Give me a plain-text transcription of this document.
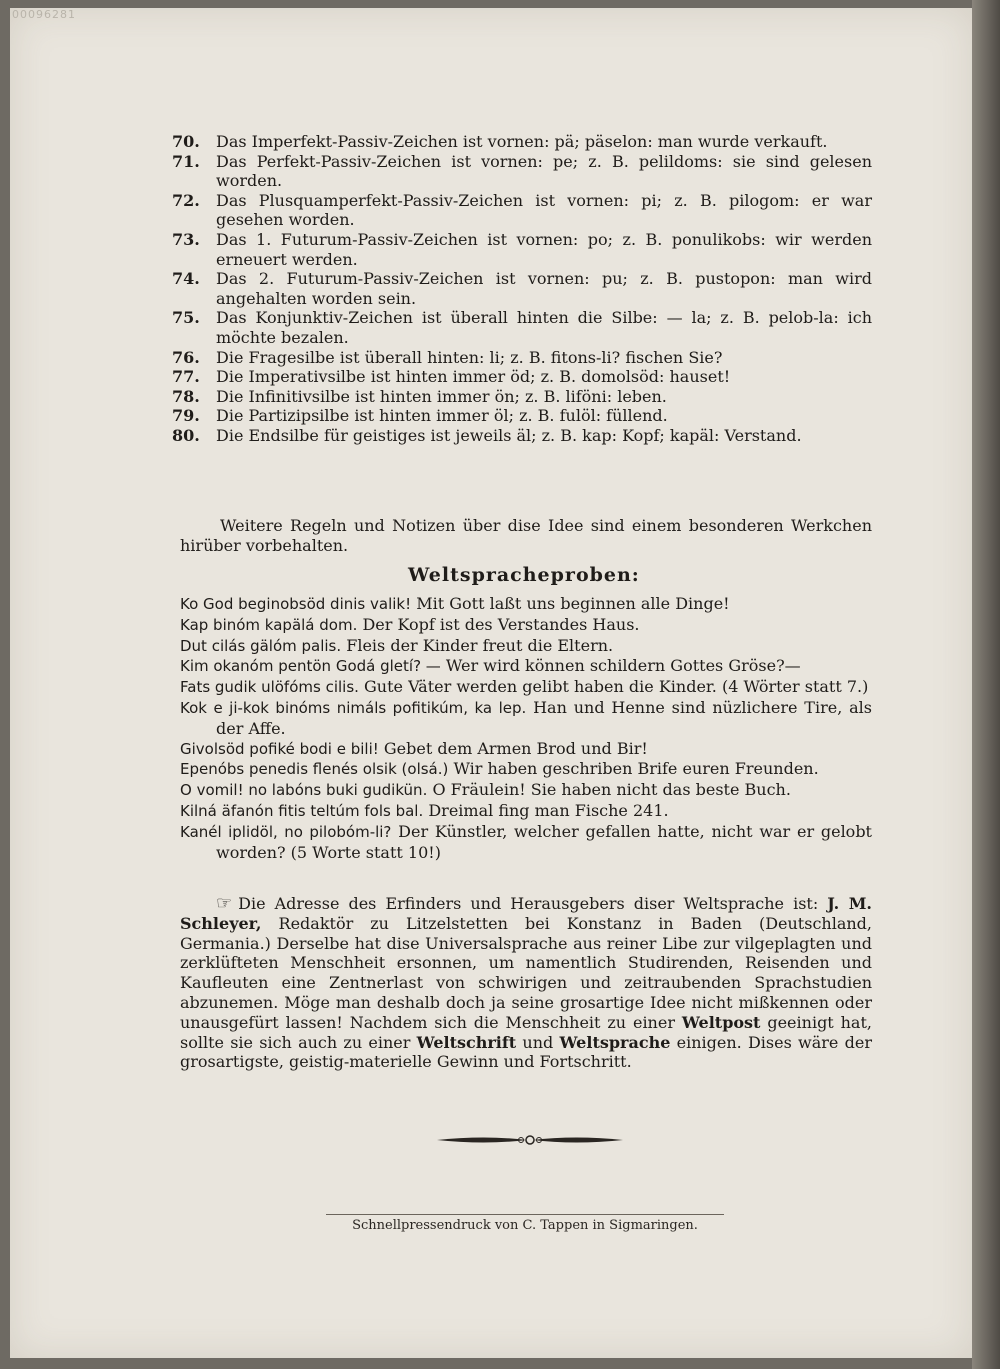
00096281
70.	Das Imperfekt-Passiv-Zeichen ist vornen: pä; päselon: man wurde verkauft.
71.	Das Perfekt-Passiv-Zeichen ist vornen: pe; z. B. pelildoms: sie sind gelesen worden.
72.	Das Plusquamperfekt-Passiv-Zeichen ist vornen: pi; z. B. pilogom: er war gesehen worden.
73.	Das 1. Futurum-Passiv-Zeichen ist vornen: po; z. B. ponulikobs: wir werden erneuert werden.
74.	Das 2. Futurum-Passiv-Zeichen ist vornen: pu; z. B. pustopon: man wird angehalten worden sein.
75.	Das Konjunktiv-Zeichen ist überall hinten die Silbe: — la; z. B. pelob-la: ich möchte bezalen.
76.	Die Fragesilbe ist überall hinten: li; z. B. fitons-li? fischen Sie?
77.	Die Imperativsilbe ist hinten immer öd; z. B. domolsöd: hauset!
78.	Die Infinitivsilbe ist hinten immer ön; z. B. liföni: leben.
79.	Die Partizipsilbe ist hinten immer öl; z. B. fulöl: füllend.
80.	Die Endsilbe für geistiges ist jeweils äl; z. B. kap: Kopf; kapäl: Verstand.
Weitere Regeln und Notizen über dise Idee sind einem besonderen Werkchen hirüber vorbehalten.
Weltspracheproben:
Ko God beginobsöd dinis valik! Mit Gott laßt uns beginnen alle Dinge!
Kap binóm kapälá dom. Der Kopf ist des Verstandes Haus.
Dut cilás gälóm palis. Fleis der Kinder freut die Eltern.
Kim okanóm pentön Godá gletí? — Wer wird können schildern Gottes Gröse?—
Fats gudik ulöfóms cilis. Gute Väter werden gelibt haben die Kinder. (4 Wörter statt 7.)
Kok e ji-kok binóms nimáls pofitikúm, ka lep. Han und Henne sind nüzlichere Tire, als der Affe.
Givolsöd pofiké bodi e bili! Gebet dem Armen Brod und Bir!
Epenóbs penedis flenés olsik (olsá.) Wir haben geschriben Brife euren Freunden.
O vomil! no labóns buki gudikün. O Fräulein! Sie haben nicht das beste Buch.
Kilná äfanón fitis teltúm fols bal. Dreimal fing man Fische 241.
Kanél iplidöl, no pilobóm-li? Der Künstler, welcher gefallen hatte, nicht war er gelobt worden? (5 Worte statt 10!)
☞ Die Adresse des Erfinders und Herausgebers diser Weltsprache ist: J. M. Schleyer, Redaktör zu Litzelstetten bei Konstanz in Baden (Deutschland, Germania.) Derselbe hat dise Universalsprache aus reiner Libe zur vilgeplagten und zerklüfteten Menschheit ersonnen, um namentlich Studirenden, Reisenden und Kaufleuten eine Zentnerlast von schwirigen und zeitraubenden Sprachstudien abzunemen. Möge man deshalb doch ja seine grosartige Idee nicht mißkennen oder unausgefürt lassen! Nachdem sich die Menschheit zu einer Weltpost geeinigt hat, sollte sie sich auch zu einer Weltschrift und Weltsprache einigen. Dises wäre der grosartigste, geistig-materielle Gewinn und Fortschritt.
Schnellpressendruck von C. Tappen in Sigmaringen.
